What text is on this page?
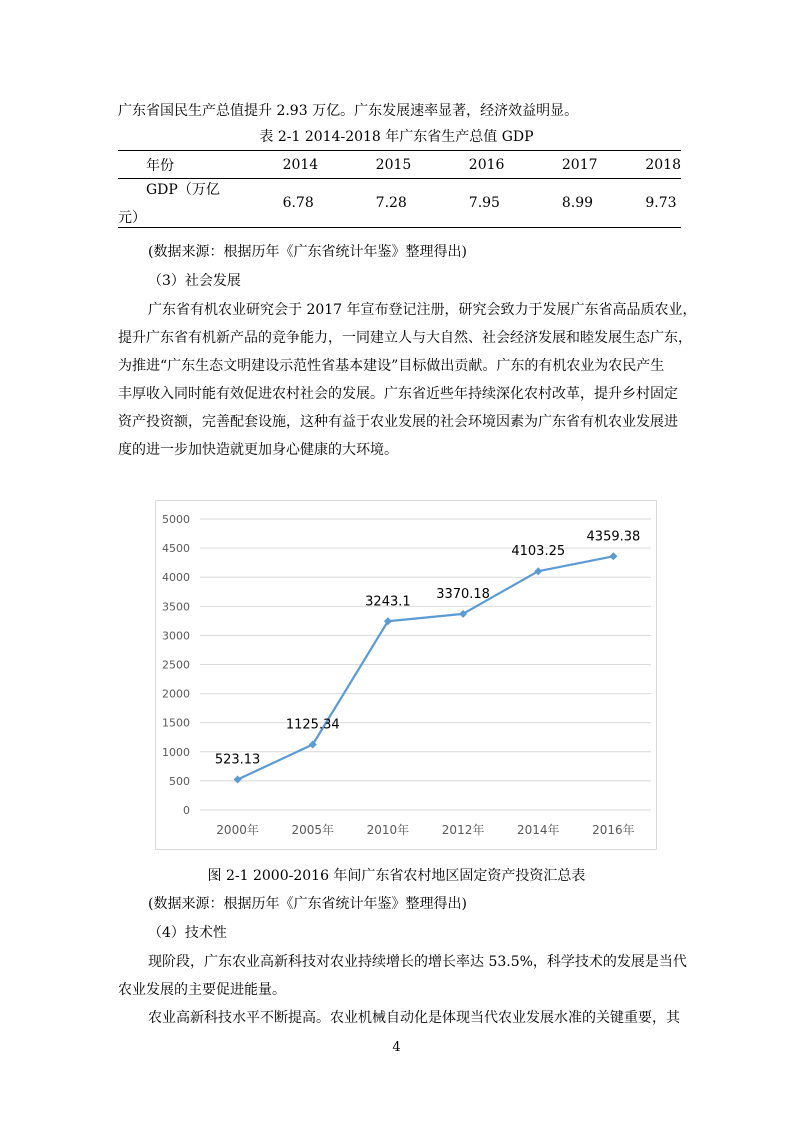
广东省国民生产总值提升 2.93 万亿。广东发展速率显著，经济效益明显。
表 2-1 2014-2018 年广东省生产总值 GDP
年份	2014	2015	2016	2017	2018

GDP（万亿
元）	6.78	7.28	7.95	8.99	9.73
(数据来源：根据历年《广东省统计年鉴》整理得出)
（3）社会发展
广东省有机农业研究会于 2017 年宣布登记注册，研究会致力于发展广东省高品质农业，
提升广东省有机新产品的竞争能力，一同建立人与大自然、社会经济发展和睦发展生态广东，
为推进“广东生态文明建设示范性省基本建设”目标做出贡献。广东的有机农业为农民产生
丰厚收入同时能有效促进农村社会的发展。广东省近些年持续深化农村改革，提升乡村固定
资产投资额，完善配套设施，这种有益于农业发展的社会环境因素为广东省有机农业发展进
度的进一步加快造就更加身心健康的大环境。
0
500
1000
1500
2000
2500
3000
3500
4000
4500
5000
2000年	2005年	2010年	2012年	2014年	2016年
523.13
1125.34
3243.1 3370.18
4103.25
4359.38
图 2-1 2000-2016 年间广东省农村地区固定资产投资汇总表
(数据来源：根据历年《广东省统计年鉴》整理得出)
（4）技术性
现阶段，广东农业高新科技对农业持续增长的增长率达 53.5%，科学技术的发展是当代
农业发展的主要促进能量。
农业高新科技水平不断提高。农业机械自动化是体现当代农业发展水准的关键重要，其
4
